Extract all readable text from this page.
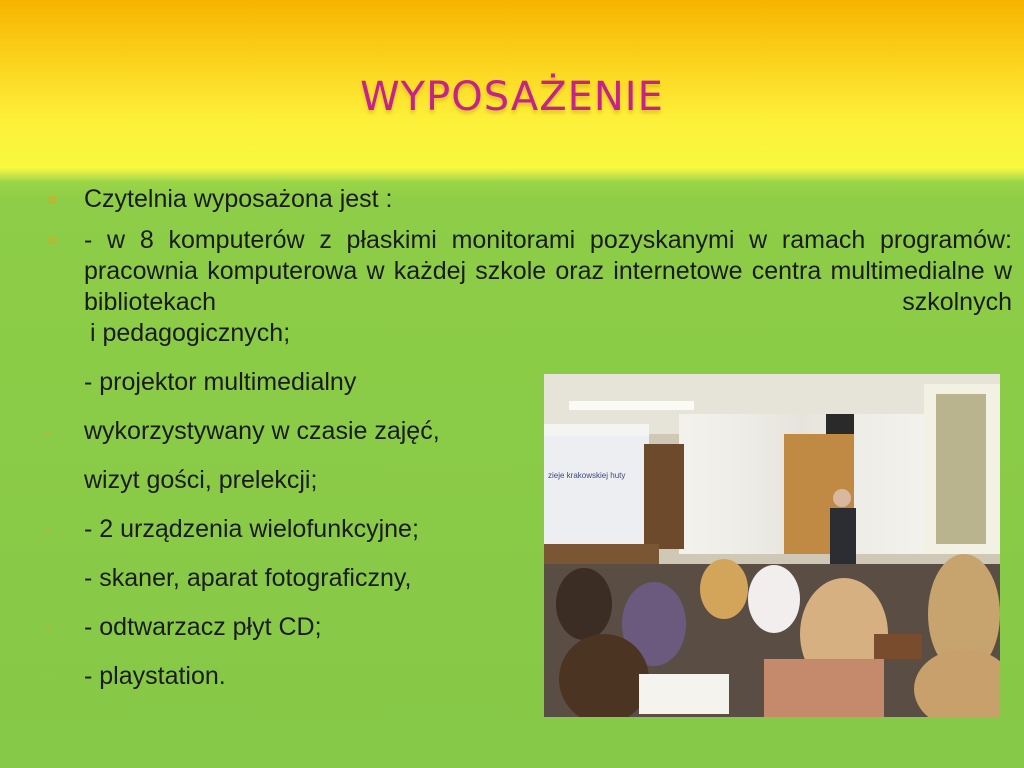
WYPOSAŻENIE
¤	Czytelnia wyposażona jest :
¤	- w 8 komputerów z płaskimi monitorami pozyskanymi w ramach programów: pracownia komputerowa w każdej szkole oraz internetowe centra multimedialne w bibliotekach szkolnych
i pedagogicznych;
-	- projektor multimedialny
-	wykorzystywany w czasie zajęć,
-	wizyt gości, prelekcji;
-	- 2 urządzenia wielofunkcyjne;
-	- skaner, aparat fotograficzny,
-	- odtwarzacz płyt CD;
-	- playstation.
zieje krakowskiej huty
